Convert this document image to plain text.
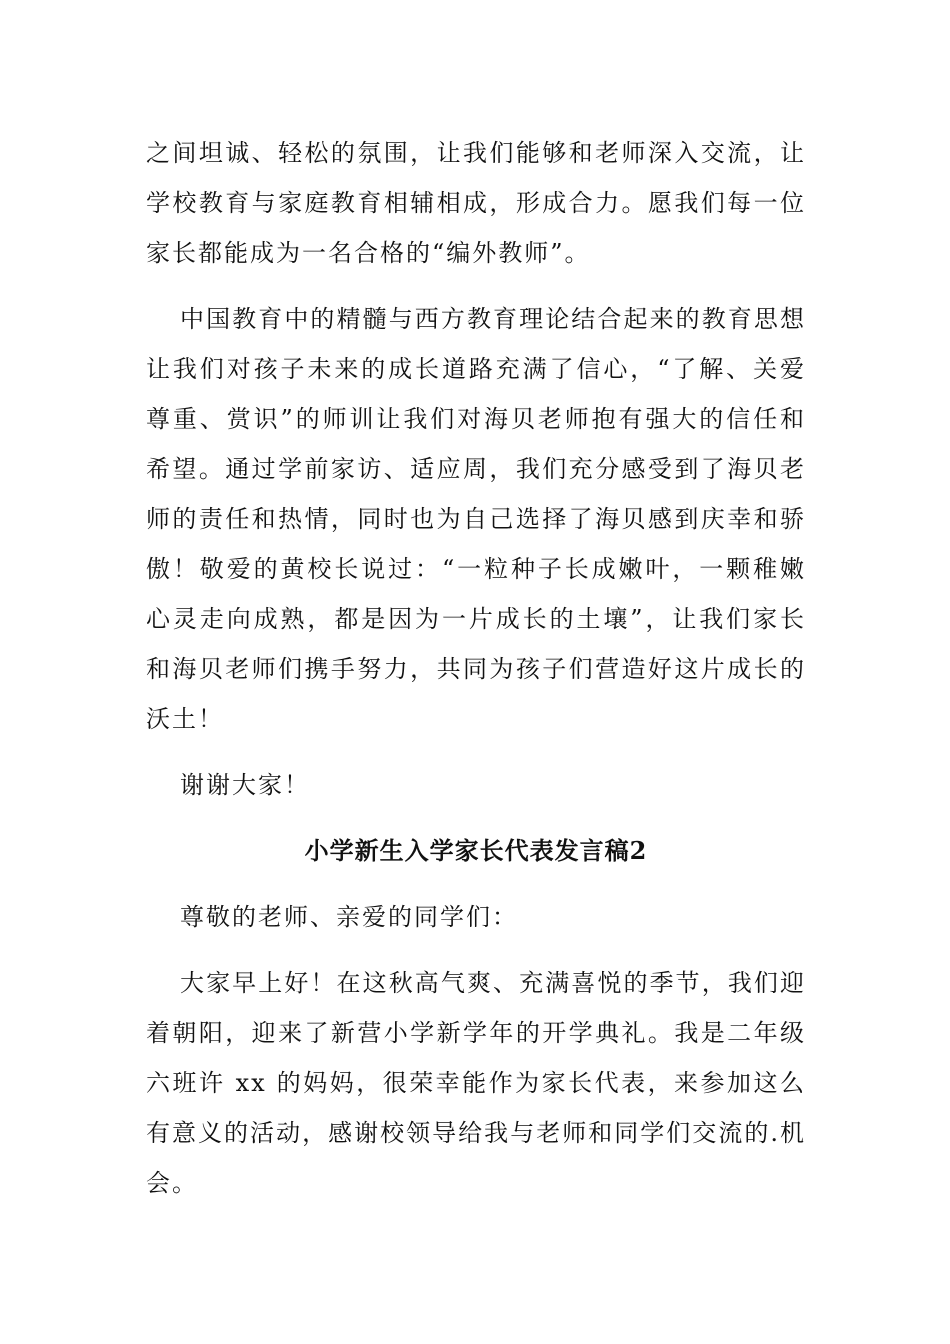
之间坦诚、轻松的氛围，让我们能够和老师深入交流，让学校教育与家庭教育相辅相成，形成合力。愿我们每一位家长都能成为一名合格的“编外教师”。

中国教育中的精髓与西方教育理论结合起来的教育思想让我们对孩子未来的成长道路充满了信心，“了解、关爱尊重、赏识”的师训让我们对海贝老师抱有强大的信任和希望。通过学前家访、适应周，我们充分感受到了海贝老师的责任和热情，同时也为自己选择了海贝感到庆幸和骄傲！敬爱的黄校长说过：“一粒种子长成嫩叶，一颗稚嫩心灵走向成熟，都是因为一片成长的土壤”，让我们家长和海贝老师们携手努力，共同为孩子们营造好这片成长的沃土！

谢谢大家！

小学新生入学家长代表发言稿2

尊敬的老师、亲爱的同学们：

大家早上好！在这秋高气爽、充满喜悦的季节，我们迎着朝阳，迎来了新营小学新学年的开学典礼。我是二年级六班许 xx 的妈妈，很荣幸能作为家长代表，来参加这么有意义的活动，感谢校领导给我与老师和同学们交流的.机会。
